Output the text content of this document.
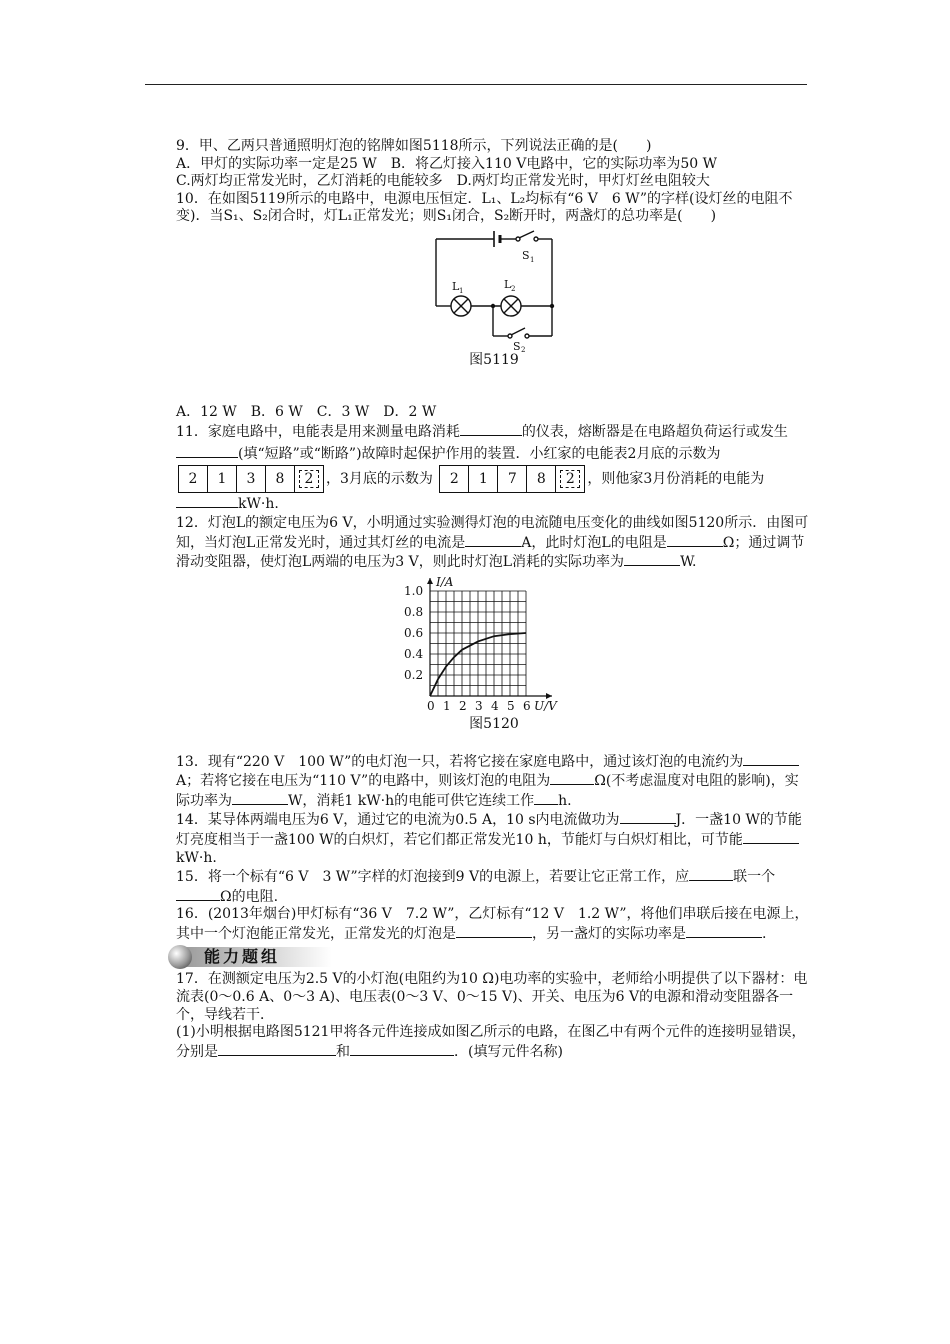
9．甲、乙两只普通照明灯泡的铭牌如图5118所示，下列说法正确的是(　　)

A．甲灯的实际功率一定是25 W　B．将乙灯接入110 V电路中，它的实际功率为50 W

C.两灯均正常发光时，乙灯消耗的电能较多　D.两灯均正常发光时，甲灯灯丝电阻较大

10．在如图5119所示的电路中，电源电压恒定．L₁、L₂均标有“6 V　6 W”的字样(设灯丝的电阻不变)．当S₁、S₂闭合时，灯L₁正常发光；则S₁闭合，S₂断开时，两盏灯的总功率是(　　)

S 1
L 1	L 2
S 2

图5119

A．12 W　B．6 W　C．3 W　D．2 W

11．家庭电路中，电能表是用来测量电路消耗	的仪表，熔断器是在电路超负荷运行或发生(填“短路”或“断路”)故障时起保护作用的装置．小红家的电能表2月底的示数为
2	1	3	8	2 ，3月底的示数为	2	1	7	8	2 ，则他家3月份消耗的电能为kW·h.

12．灯泡L的额定电压为6 V，小明通过实验测得灯泡的电流随电压变化的曲线如图5120所示．由图可知，当灯泡L正常发光时，通过其灯丝的电流是	A，此时灯泡L的电阻是	Ω；通过调节滑动变阻器，使灯泡L两端的电压为3 V，则此时灯泡L消耗的实际功率为	W.

0 1 2 3 4 5 6
0.2
0.4
0.6
0.8
1.0
I/A
U/V

图5120

13．现有“220 V　100 W”的电灯泡一只，若将它接在家庭电路中，通过该灯泡的电流约为A；若将它接在电压为“110 V”的电路中，则该灯泡的电阻为	Ω(不考虑温度对电阻的影响)，实际功率为	W，消耗1 kW·h的电能可供它连续工作 h.

14．某导体两端电压为6 V，通过它的电流为0.5 A，10 s内电流做功为	J．一盏10 W的节能灯亮度相当于一盏100 W的白炽灯，若它们都正常发光10 h，节能灯与白炽灯相比，可节能kW·h.

15．将一个标有“6 V　3 W”字样的灯泡接到9 V的电源上，若要让它正常工作，应	联一个Ω的电阻.

16．(2013年烟台)甲灯标有“36 V　7.2 W”，乙灯标有“12 V　1.2 W”，将他们串联后接在电源上，其中一个灯泡能正常发光，正常发光的灯泡是	，另一盏灯的实际功率是	.

能力题组

17．在测额定电压为2.5 V的小灯泡(电阻约为10 Ω)电功率的实验中，老师给小明提供了以下器材：电流表(0～0.6 A、0～3 A)、电压表(0～3 V、0～15 V)、开关、电压为6 V的电源和滑动变阻器各一个，导线若干．

(1)小明根据电路图5121甲将各元件连接成如图乙所示的电路，在图乙中有两个元件的连接明显错误，分别是	和	．(填写元件名称)
